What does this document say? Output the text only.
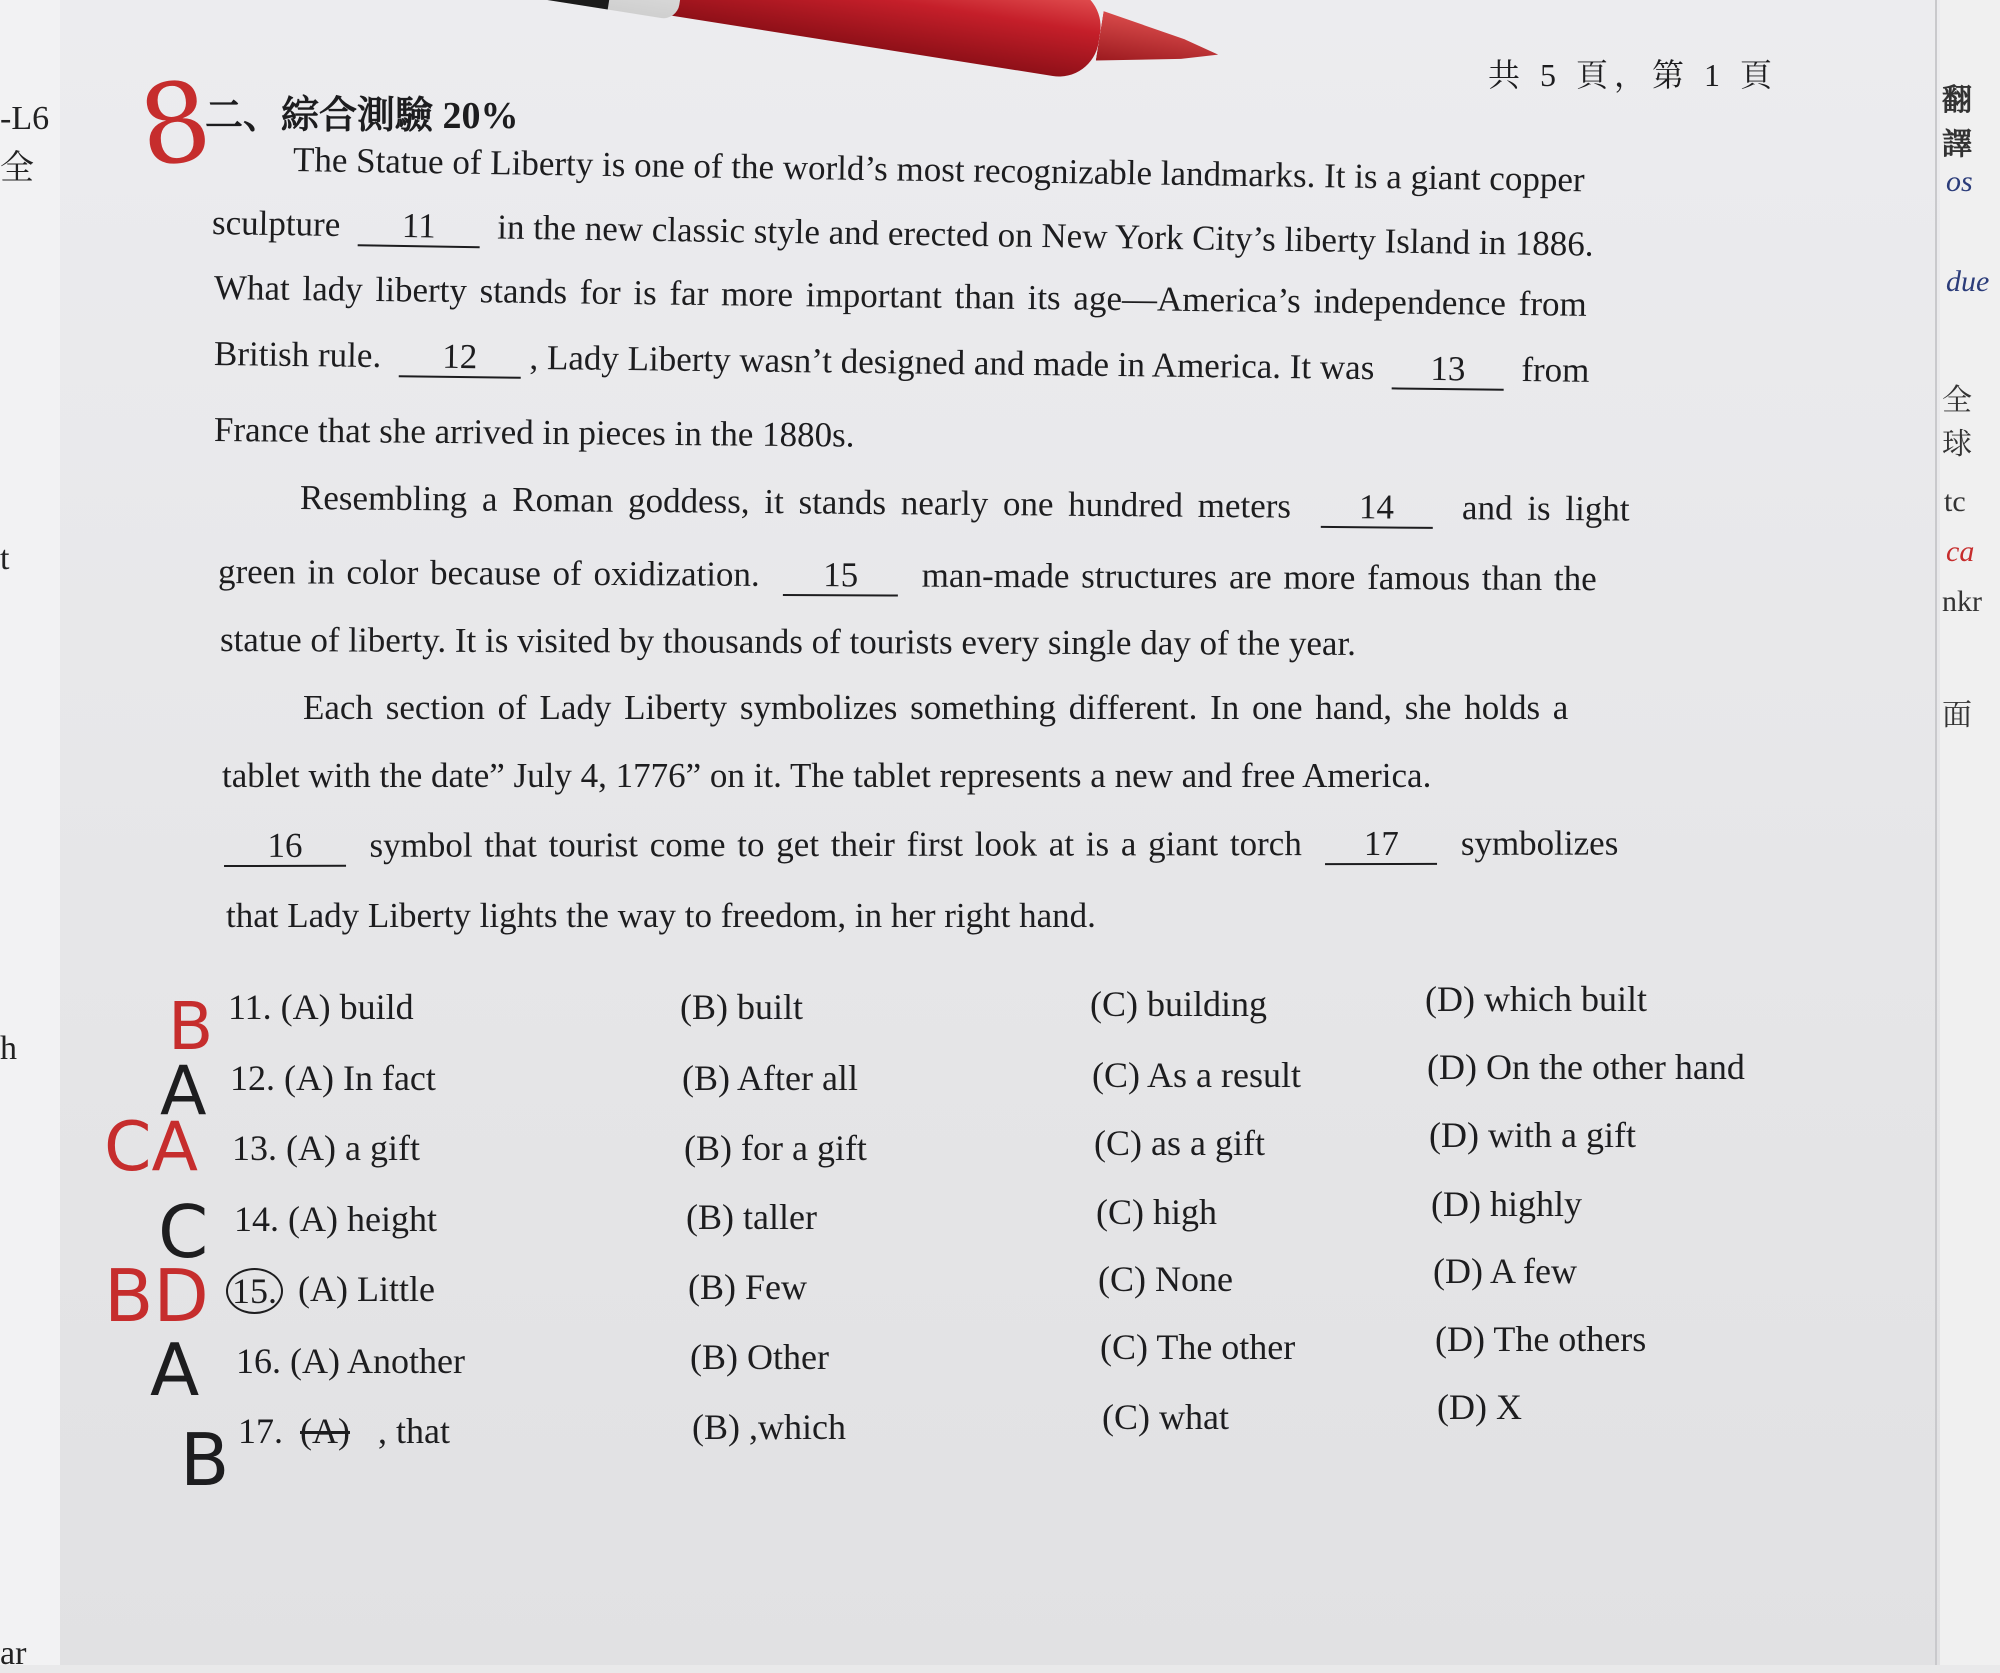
-L6
全
t
h
ar
翻譯
os
due
全球
tc
ca
nkr
面
共 5 頁，第 1 頁
8
二、綜合測驗 20%
The Statue of Liberty is one of the world’s most recognizable landmarks. It is a giant copper
sculpture 11 in the new classic style and erected on New York City’s liberty Island in 1886.
What lady liberty stands for is far more important than its age—America’s independence from
British rule. 12 , Lady Liberty wasn’t designed and made in America. It was 13 from
France that she arrived in pieces in the 1880s.
Resembling a Roman goddess, it stands nearly one hundred meters 14 and is light
green in color because of oxidization. 15 man-made structures are more famous than the
statue of liberty. It is visited by thousands of tourists every single day of the year.
Each section of Lady Liberty symbolizes something different. In one hand, she holds a
tablet with the date” July 4, 1776” on it. The tablet represents a new and free America.
16 symbol that tourist come to get their first look at is a giant torch 17 symbolizes
that Lady Liberty lights the way to freedom, in her right hand.
11. (A) build	(B) built	(C) building	(D) which built
B
12. (A) In fact	(B) After all	(C) As a result	(D) On the other hand
A
13. (A) a gift	(B) for a gift	(C) as a gift	(D) with a gift
CA
14. (A) height	(B) taller	(C) high	(D) highly
C
15. (A) Little	(B) Few	(C) None	(D) A few
BD
16. (A) Another	(B) Other	(C) The other	(D) The others
A
17. (A) , that	(B) ,which	(C) what	(D) X
B
